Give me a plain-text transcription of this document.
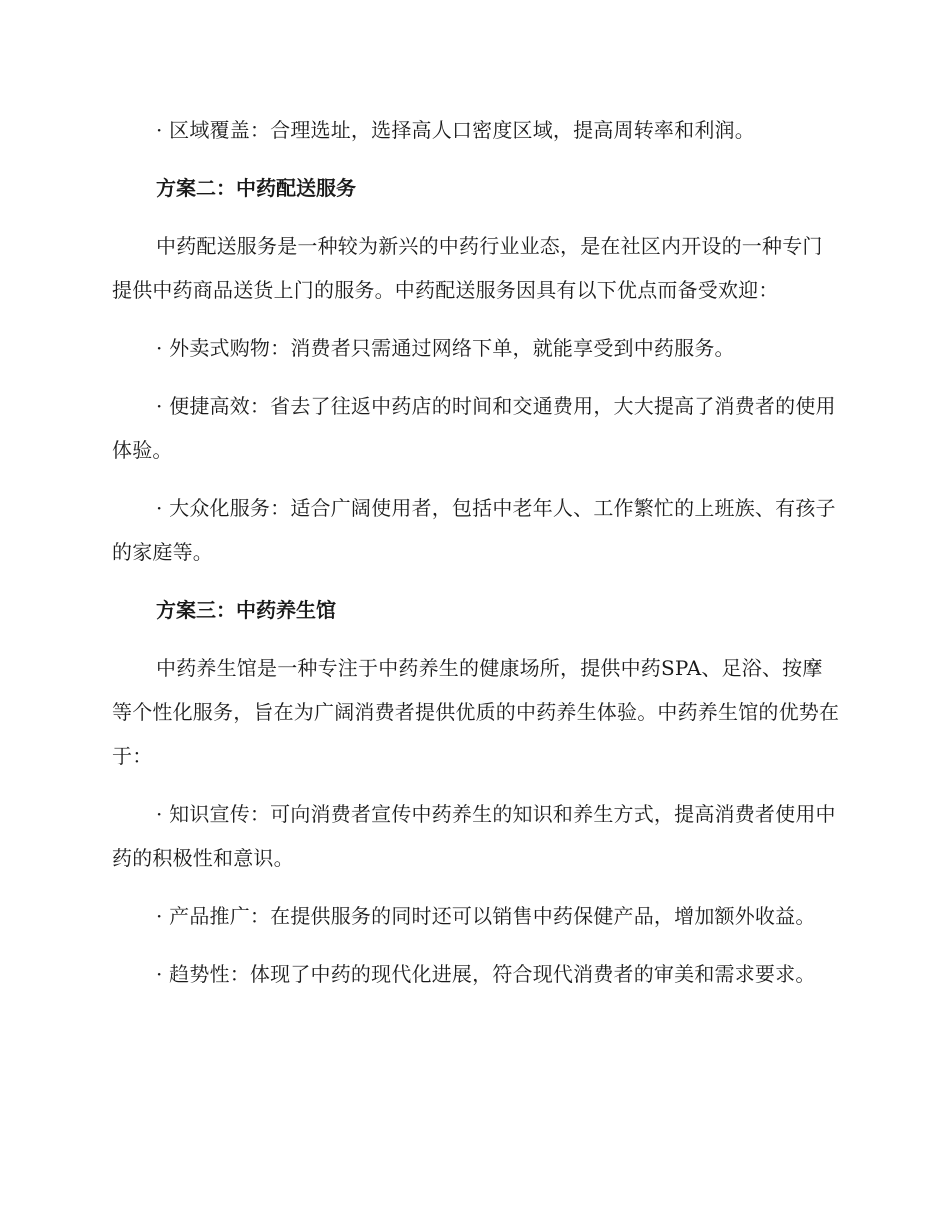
· 区域覆盖：合理选址，选择高人口密度区域，提高周转率和利润。

方案二：中药配送服务

中药配送服务是一种较为新兴的中药行业业态，是在社区内开设的一种专门提供中药商品送货上门的服务。中药配送服务因具有以下优点而备受欢迎：

· 外卖式购物：消费者只需通过网络下单，就能享受到中药服务。

· 便捷高效：省去了往返中药店的时间和交通费用，大大提高了消费者的使用体验。

· 大众化服务：适合广阔使用者，包括中老年人、工作繁忙的上班族、有孩子的家庭等。

方案三：中药养生馆

中药养生馆是一种专注于中药养生的健康场所，提供中药SPA、足浴、按摩等个性化服务，旨在为广阔消费者提供优质的中药养生体验。中药养生馆的优势在于：

· 知识宣传：可向消费者宣传中药养生的知识和养生方式，提高消费者使用中药的积极性和意识。

· 产品推广：在提供服务的同时还可以销售中药保健产品，增加额外收益。

· 趋势性：体现了中药的现代化进展，符合现代消费者的审美和需求要求。
